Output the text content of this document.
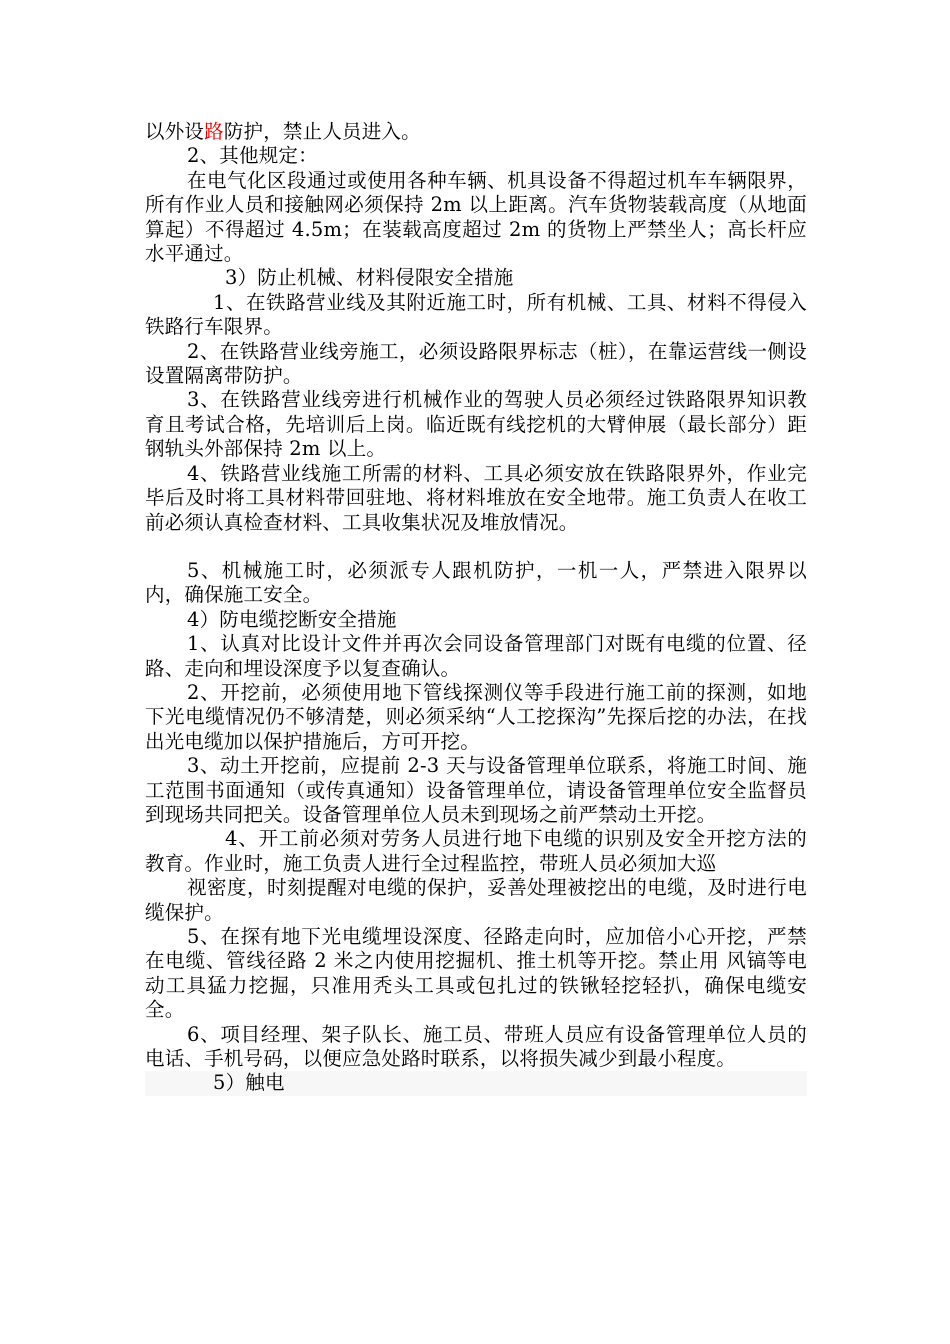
以外设路防护，禁止人员进入。

2、其他规定：

在电气化区段通过或使用各种车辆、机具设备不得超过机车车辆限界，所有作业人员和接触网必须保持 2m 以上距离。汽车货物装载高度（从地面算起）不得超过 4.5m；在装载高度超过 2m 的货物上严禁坐人；高长杆应水平通过。

3）防止机械、材料侵限安全措施

1、在铁路营业线及其附近施工时，所有机械、工具、材料不得侵入铁路行车限界。

2、在铁路营业线旁施工，必须设路限界标志（桩），在靠运营线一侧设设置隔离带防护。

3、在铁路营业线旁进行机械作业的驾驶人员必须经过铁路限界知识教育且考试合格，先培训后上岗。临近既有线挖机的大臂伸展（最长部分）距钢轨头外部保持 2m 以上。

4、铁路营业线施工所需的材料、工具必须安放在铁路限界外，作业完毕后及时将工具材料带回驻地、将材料堆放在安全地带。施工负责人在收工前必须认真检查材料、工具收集状况及堆放情况。

5、机械施工时，必须派专人跟机防护，一机一人，严禁进入限界以内，确保施工安全。

4）防电缆挖断安全措施

1、认真对比设计文件并再次会同设备管理部门对既有电缆的位置、径路、走向和埋设深度予以复查确认。

2、开挖前，必须使用地下管线探测仪等手段进行施工前的探测，如地下光电缆情况仍不够清楚，则必须采纳“人工挖探沟”先探后挖的办法，在找出光电缆加以保护措施后，方可开挖。

3、动土开挖前，应提前 2-3 天与设备管理单位联系，将施工时间、施工范围书面通知（或传真通知）设备管理单位，请设备管理单位安全监督员到现场共同把关。设备管理单位人员未到现场之前严禁动土开挖。

4、开工前必须对劳务人员进行地下电缆的识别及安全开挖方法的教育。作业时，施工负责人进行全过程监控，带班人员必须加大巡

视密度，时刻提醒对电缆的保护，妥善处理被挖出的电缆，及时进行电缆保护。

5、在探有地下光电缆埋设深度、径路走向时，应加倍小心开挖，严禁在电缆、管线径路 2 米之内使用挖掘机、推土机等开挖。禁止用 风镐等电动工具猛力挖掘，只准用秃头工具或包扎过的铁锹轻挖轻扒，确保电缆安全。

6、项目经理、架子队长、施工员、带班人员应有设备管理单位人员的电话、手机号码，以便应急处路时联系，以将损失减少到最小程度。

5）触电
